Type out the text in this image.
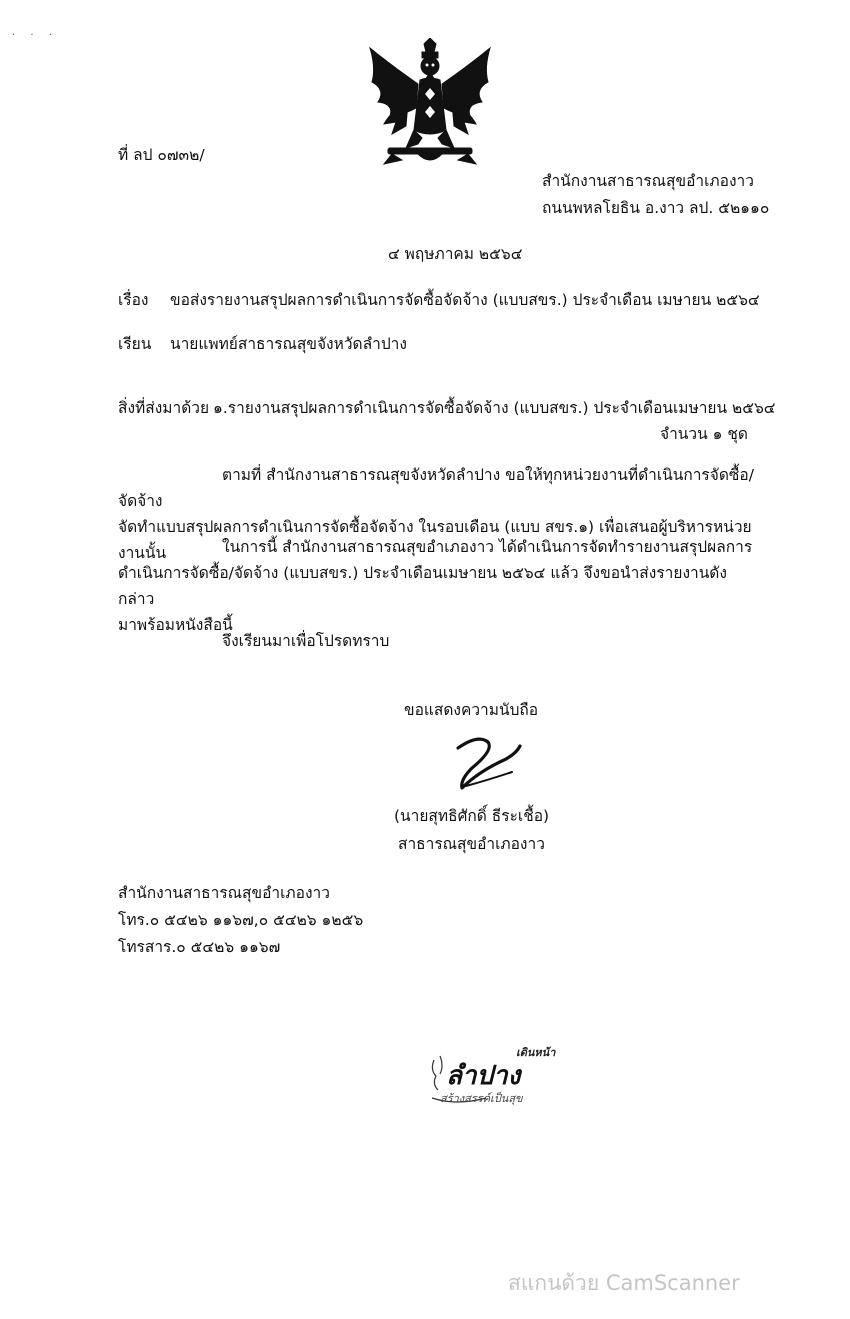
· · ·
ที่ ลป ๐๗๓๒/
สำนักงานสาธารณสุขอำเภองาว
ถนนพหลโยธิน อ.งาว ลป. ๕๒๑๑๐
๔ พฤษภาคม ๒๕๖๔
เรื่อง ขอส่งรายงานสรุปผลการดำเนินการจัดซื้อจัดจ้าง (แบบสขร.) ประจำเดือน เมษายน ๒๕๖๔
เรียน นายแพทย์สาธารณสุขจังหวัดลำปาง
สิ่งที่ส่งมาด้วย ๑.รายงานสรุปผลการดำเนินการจัดซื้อจัดจ้าง (แบบสขร.) ประจำเดือนเมษายน ๒๕๖๔
จำนวน ๑ ชุด
ตามที่ สำนักงานสาธารณสุขจังหวัดลำปาง ขอให้ทุกหน่วยงานที่ดำเนินการจัดซื้อ/จัดจ้าง
จัดทำแบบสรุปผลการดำเนินการจัดซื้อจัดจ้าง ในรอบเดือน (แบบ สขร.๑) เพื่อเสนอผู้บริหารหน่วยงานนั้น	ในการนี้ สำนักงานสาธารณสุขอำเภองาว ได้ดำเนินการจัดทำรายงานสรุปผลการ
ดำเนินการจัดซื้อ/จัดจ้าง (แบบสขร.) ประจำเดือนเมษายน ๒๕๖๔ แล้ว จึงขอนำส่งรายงานดังกล่าว
มาพร้อมหนังสือนี้
จึงเรียนมาเพื่อโปรดทราบ
ขอแสดงความนับถือ
(นายสุทธิศักดิ์ ธีระเชื้อ)
สาธารณสุขอำเภองาว
สำนักงานสาธารณสุขอำเภองาว
โทร.๐ ๕๔๒๖ ๑๑๖๗,๐ ๕๔๒๖ ๑๒๕๖
โทรสาร.๐ ๕๔๒๖ ๑๑๖๗
เดินหน้า
ลำปาง
สร้างสรรค์เป็นสุข
สแกนด้วย CamScanner
